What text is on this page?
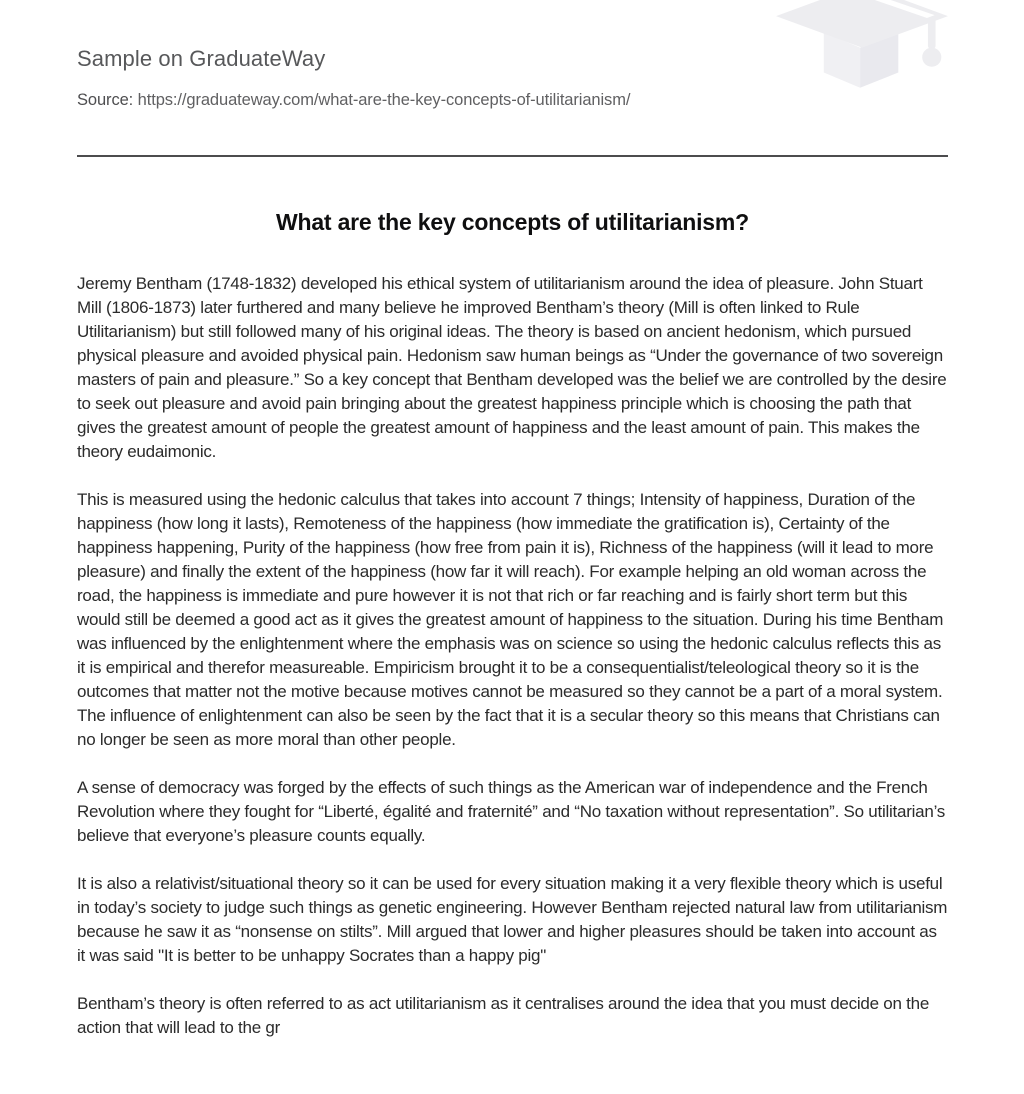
Sample on GraduateWay
Source: https://graduateway.com/what-are-the-key-concepts-of-utilitarianism/
What are the key concepts of utilitarianism?

Jeremy Bentham (1748-1832) developed his ethical system of utilitarianism around the idea of pleasure. John Stuart Mill (1806-1873) later furthered and many believe he improved Bentham’s theory (Mill is often linked to Rule Utilitarianism) but still followed many of his original ideas. The theory is based on ancient hedonism, which pursued physical pleasure and avoided physical pain. Hedonism saw human beings as “Under the governance of two sovereign masters of pain and pleasure.” So a key concept that Bentham developed was the belief we are controlled by the desire to seek out pleasure and avoid pain bringing about the greatest happiness principle which is choosing the path that gives the greatest amount of people the greatest amount of happiness and the least amount of pain. This makes the theory eudaimonic.

This is measured using the hedonic calculus that takes into account 7 things; Intensity of happiness, Duration of the happiness (how long it lasts), Remoteness of the happiness (how immediate the gratification is), Certainty of the happiness happening, Purity of the happiness (how free from pain it is), Richness of the happiness (will it lead to more pleasure) and finally the extent of the happiness (how far it will reach). For example helping an old woman across the road, the happiness is immediate and pure however it is not that rich or far reaching and is fairly short term but this would still be deemed a good act as it gives the greatest amount of happiness to the situation. During his time Bentham was influenced by the enlightenment where the emphasis was on science so using the hedonic calculus reflects this as it is empirical and therefor measureable. Empiricism brought it to be a consequentialist/teleological theory so it is the outcomes that matter not the motive because motives cannot be measured so they cannot be a part of a moral system. The influence of enlightenment can also be seen by the fact that it is a secular theory so this means that Christians can no longer be seen as more moral than other people.

A sense of democracy was forged by the effects of such things as the American war of independence and the French Revolution where they fought for “Liberté, égalité and fraternité” and “No taxation without representation”. So utilitarian’s believe that everyone’s pleasure counts equally.

It is also a relativist/situational theory so it can be used for every situation making it a very flexible theory which is useful in today’s society to judge such things as genetic engineering. However Bentham rejected natural law from utilitarianism because he saw it as “nonsense on stilts”. Mill argued that lower and higher pleasures should be taken into account as it was said "It is better to be unhappy Socrates than a happy pig"

Bentham’s theory is often referred to as act utilitarianism as it centralises around the idea that you must decide on the action that will lead to the gr
